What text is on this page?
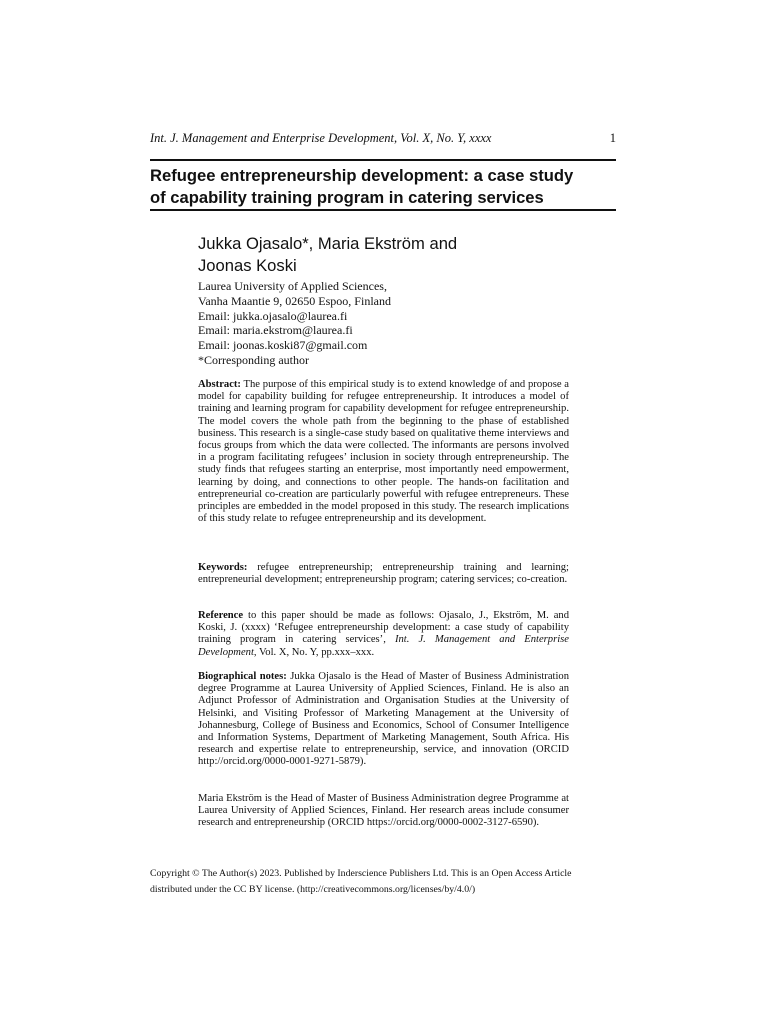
Int. J. Management and Enterprise Development, Vol. X, No. Y, xxxx	1
Refugee entrepreneurship development: a case study
of capability training program in catering services
Jukka Ojasalo*, Maria Ekström and
Joonas Koski
Laurea University of Applied Sciences,
Vanha Maantie 9, 02650 Espoo, Finland
Email: jukka.ojasalo@laurea.fi
Email: maria.ekstrom@laurea.fi
Email: joonas.koski87@gmail.com
*Corresponding author
Abstract: The purpose of this empirical study is to extend knowledge of and propose a model for capability building for refugee entrepreneurship. It introduces a model of training and learning program for capability development for refugee entrepreneurship. The model covers the whole path from the beginning to the phase of established business. This research is a single-case study based on qualitative theme interviews and focus groups from which the data were collected. The informants are persons involved in a program facilitating refugees’ inclusion in society through entrepreneurship. The study finds that refugees starting an enterprise, most importantly need empowerment, learning by doing, and connections to other people. The hands-on facilitation and entrepreneurial co-creation are particularly powerful with refugee entrepreneurs. These principles are embedded in the model proposed in this study. The research implications of this study relate to refugee entrepreneurship and its development.
Keywords: refugee entrepreneurship; entrepreneurship training and learning; entrepreneurial development; entrepreneurship program; catering services; co-creation.
Reference to this paper should be made as follows: Ojasalo, J., Ekström, M. and Koski, J. (xxxx) ‘Refugee entrepreneurship development: a case study of capability training program in catering services’, Int. J. Management and Enterprise Development, Vol. X, No. Y, pp.xxx–xxx.
Biographical notes: Jukka Ojasalo is the Head of Master of Business Administration degree Programme at Laurea University of Applied Sciences, Finland. He is also an Adjunct Professor of Administration and Organisation Studies at the University of Helsinki, and Visiting Professor of Marketing Management at the University of Johannesburg, College of Business and Economics, School of Consumer Intelligence and Information Systems, Department of Marketing Management, South Africa. His research and expertise relate to entrepreneurship, service, and innovation (ORCID http://orcid.org/0000-0001-9271-5879).
Maria Ekström is the Head of Master of Business Administration degree Programme at Laurea University of Applied Sciences, Finland. Her research areas include consumer research and entrepreneurship (ORCID https://orcid.org/0000-0002-3127-6590).
Copyright © The Author(s) 2023. Published by Inderscience Publishers Ltd. This is an Open Access Article
distributed under the CC BY license. (http://creativecommons.org/licenses/by/4.0/)
